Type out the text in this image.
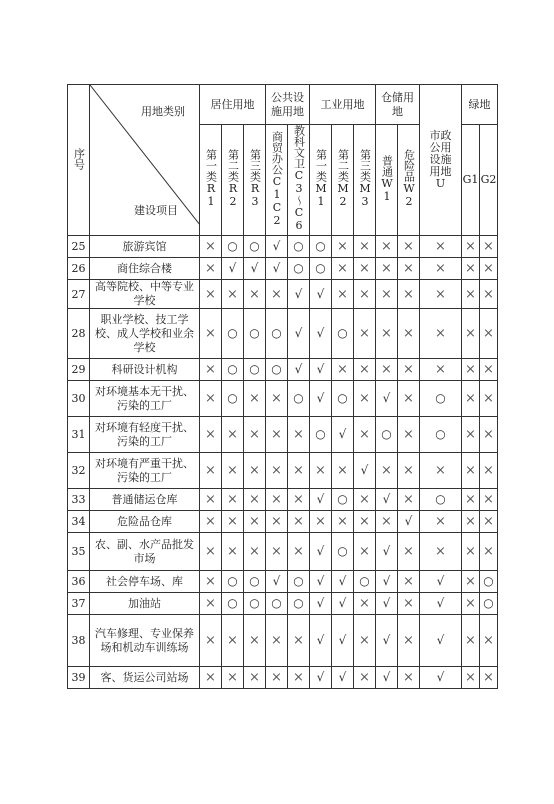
序号	用地类别
建设项目	居住用地			公共设施用地		工业用地			仓储用地		市政公用设施用地U	绿地	
		第一类R1	第二类R2	第三类R3	商贸办公C1C2	教科文卫C3～C6	第一类M1	第二类M2	第三类M3	普通W1	危险品W2		G1	G2
25	旅游宾馆	×	○	○	√	○	○	×	×	×	×	×	×	×
26	商住综合楼	×	√	√	√	○	○	×	×	×	×	×	×	×
27	高等院校、中等专业学校	×	×	×	×	√	√	×	×	×	×	×	×	×
28	职业学校、技工学校、成人学校和业余学校	×	○	○	○	√	√	○	×	×	×	×	×	×
29	科研设计机构	×	○	○	○	√	√	×	×	×	×	×	×	×
30	对环境基本无干扰、污染的工厂	×	○	×	×	○	√	○	×	√	×	○	×	×
31	对环境有轻度干扰、污染的工厂	×	×	×	×	×	○	√	×	○	×	○	×	×
32	对环境有严重干扰、污染的工厂	×	×	×	×	×	×	×	√	×	×	×	×	×
33	普通储运仓库	×	×	×	×	×	√	○	×	√	×	○	×	×
34	危险品仓库	×	×	×	×	×	×	×	×	×	√	×	×	×
35	农、副、水产品批发市场	×	×	×	×	×	√	○	×	√	×	×	×	×
36	社会停车场、库	×	○	○	√	○	√	√	○	√	×	√	×	○
37	加油站	×	○	○	○	○	√	√	×	√	×	√	×	○
38	汽车修理、专业保养场和机动车训练场	×	×	×	×	×	√	√	×	√	×	√	×	×
39	客、货运公司站场	×	×	×	×	×	√	√	×	√	×	√	×	×
